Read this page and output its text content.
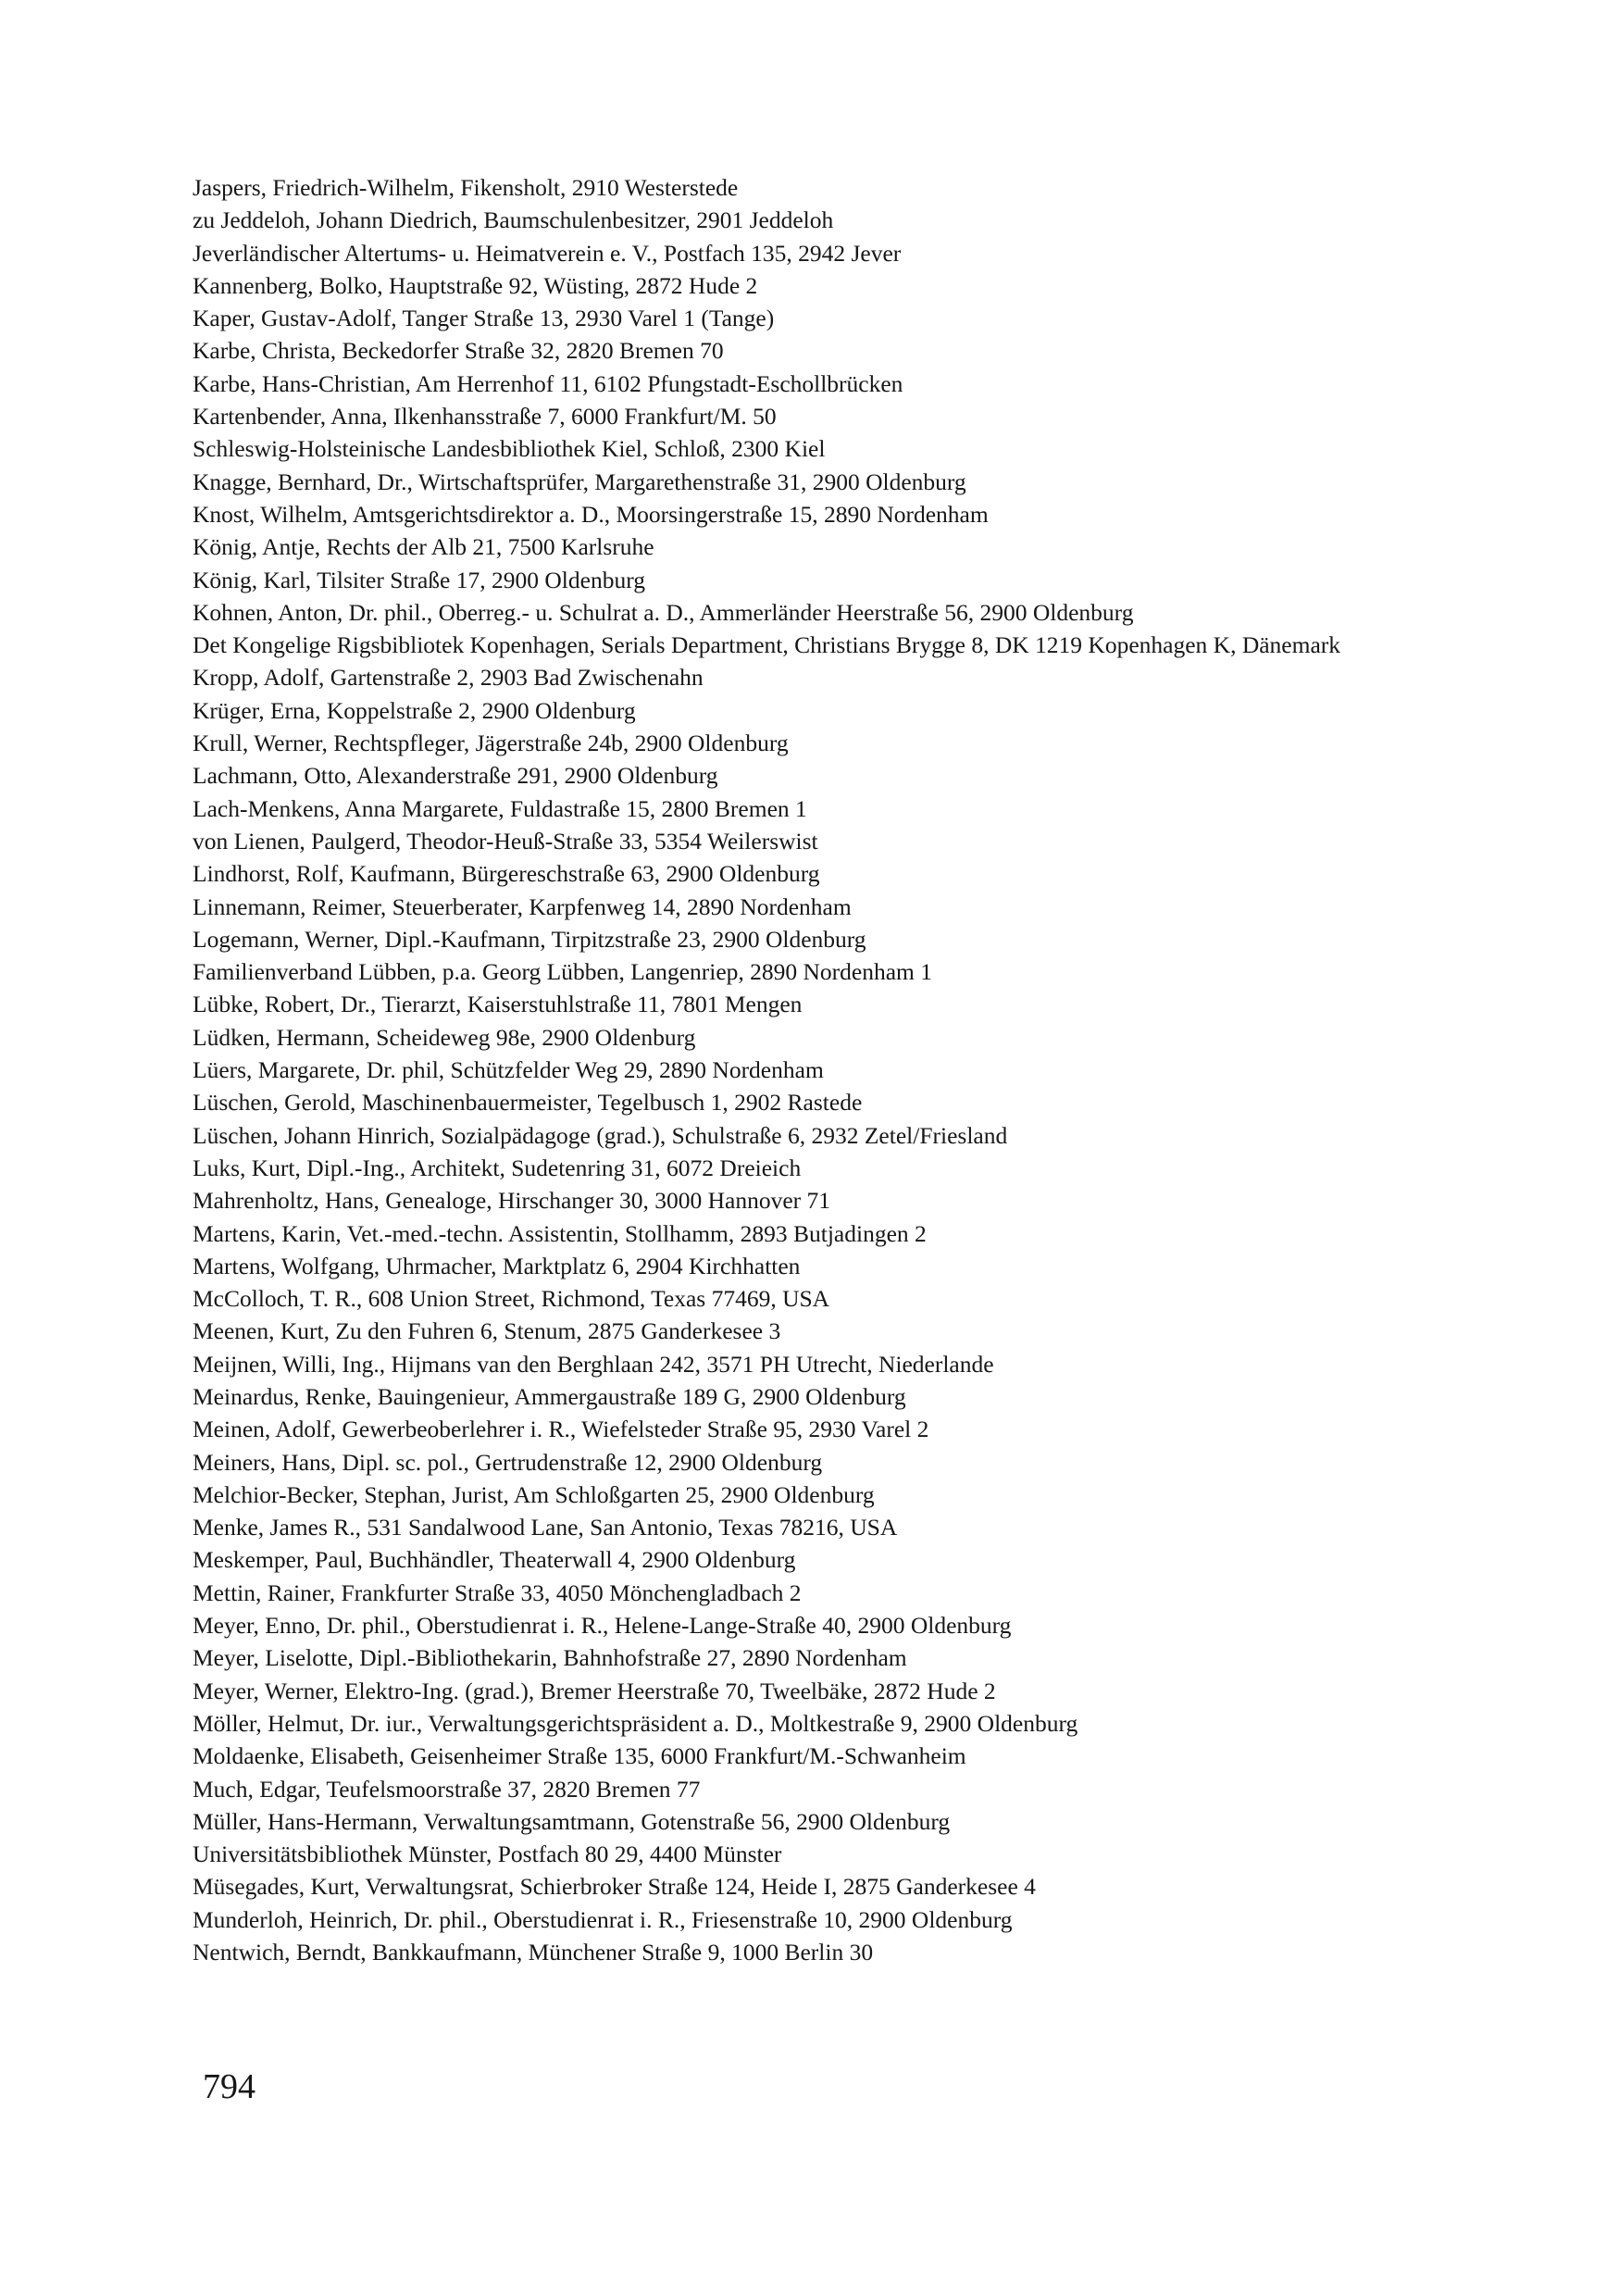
Jaspers, Friedrich-Wilhelm, Fikensholt, 2910 Westerstede
zu Jeddeloh, Johann Diedrich, Baumschulenbesitzer, 2901 Jeddeloh
Jeverländischer Altertums- u. Heimatverein e. V., Postfach 135, 2942 Jever
Kannenberg, Bolko, Hauptstraße 92, Wüsting, 2872 Hude 2
Kaper, Gustav-Adolf, Tanger Straße 13, 2930 Varel 1 (Tange)
Karbe, Christa, Beckedorfer Straße 32, 2820 Bremen 70
Karbe, Hans-Christian, Am Herrenhof 11, 6102 Pfungstadt-Eschollbrücken
Kartenbender, Anna, Ilkenhansstraße 7, 6000 Frankfurt/M. 50
Schleswig-Holsteinische Landesbibliothek Kiel, Schloß, 2300 Kiel
Knagge, Bernhard, Dr., Wirtschaftsprüfer, Margarethenstraße 31, 2900 Oldenburg
Knost, Wilhelm, Amtsgerichtsdirektor a. D., Moorsingerstraße 15, 2890 Nordenham
König, Antje, Rechts der Alb 21, 7500 Karlsruhe
König, Karl, Tilsiter Straße 17, 2900 Oldenburg
Kohnen, Anton, Dr. phil., Oberreg.- u. Schulrat a. D., Ammerländer Heerstraße 56, 2900 Oldenburg
Det Kongelige Rigsbibliotek Kopenhagen, Serials Department, Christians Brygge 8, DK 1219 Kopenhagen K, Dänemark
Kropp, Adolf, Gartenstraße 2, 2903 Bad Zwischenahn
Krüger, Erna, Koppelstraße 2, 2900 Oldenburg
Krull, Werner, Rechtspfleger, Jägerstraße 24b, 2900 Oldenburg
Lachmann, Otto, Alexanderstraße 291, 2900 Oldenburg
Lach-Menkens, Anna Margarete, Fuldastraße 15, 2800 Bremen 1
von Lienen, Paulgerd, Theodor-Heuß-Straße 33, 5354 Weilerswist
Lindhorst, Rolf, Kaufmann, Bürgereschstraße 63, 2900 Oldenburg
Linnemann, Reimer, Steuerberater, Karpfenweg 14, 2890 Nordenham
Logemann, Werner, Dipl.-Kaufmann, Tirpitzstraße 23, 2900 Oldenburg
Familienverband Lübben, p.a. Georg Lübben, Langenriep, 2890 Nordenham 1
Lübke, Robert, Dr., Tierarzt, Kaiserstuhlstraße 11, 7801 Mengen
Lüdken, Hermann, Scheideweg 98e, 2900 Oldenburg
Lüers, Margarete, Dr. phil, Schützfelder Weg 29, 2890 Nordenham
Lüschen, Gerold, Maschinenbauermeister, Tegelbusch 1, 2902 Rastede
Lüschen, Johann Hinrich, Sozialpädagoge (grad.), Schulstraße 6, 2932 Zetel/Friesland
Luks, Kurt, Dipl.-Ing., Architekt, Sudetenring 31, 6072 Dreieich
Mahrenholtz, Hans, Genealoge, Hirschanger 30, 3000 Hannover 71
Martens, Karin, Vet.-med.-techn. Assistentin, Stollhamm, 2893 Butjadingen 2
Martens, Wolfgang, Uhrmacher, Marktplatz 6, 2904 Kirchhatten
McColloch, T. R., 608 Union Street, Richmond, Texas 77469, USA
Meenen, Kurt, Zu den Fuhren 6, Stenum, 2875 Ganderkesee 3
Meijnen, Willi, Ing., Hijmans van den Berghlaan 242, 3571 PH Utrecht, Niederlande
Meinardus, Renke, Bauingenieur, Ammergaustraße 189 G, 2900 Oldenburg
Meinen, Adolf, Gewerbeoberlehrer i. R., Wiefelsteder Straße 95, 2930 Varel 2
Meiners, Hans, Dipl. sc. pol., Gertrudenstraße 12, 2900 Oldenburg
Melchior-Becker, Stephan, Jurist, Am Schloßgarten 25, 2900 Oldenburg
Menke, James R., 531 Sandalwood Lane, San Antonio, Texas 78216, USA
Meskemper, Paul, Buchhändler, Theaterwall 4, 2900 Oldenburg
Mettin, Rainer, Frankfurter Straße 33, 4050 Mönchengladbach 2
Meyer, Enno, Dr. phil., Oberstudienrat i. R., Helene-Lange-Straße 40, 2900 Oldenburg
Meyer, Liselotte, Dipl.-Bibliothekarin, Bahnhofstraße 27, 2890 Nordenham
Meyer, Werner, Elektro-Ing. (grad.), Bremer Heerstraße 70, Tweelbäke, 2872 Hude 2
Möller, Helmut, Dr. iur., Verwaltungsgerichtspräsident a. D., Moltkestraße 9, 2900 Oldenburg
Moldaenke, Elisabeth, Geisenheimer Straße 135, 6000 Frankfurt/M.-Schwanheim
Much, Edgar, Teufelsmoorstraße 37, 2820 Bremen 77
Müller, Hans-Hermann, Verwaltungsamtmann, Gotenstraße 56, 2900 Oldenburg
Universitätsbibliothek Münster, Postfach 80 29, 4400 Münster
Müsegades, Kurt, Verwaltungsrat, Schierbroker Straße 124, Heide I, 2875 Ganderkesee 4
Munderloh, Heinrich, Dr. phil., Oberstudienrat i. R., Friesenstraße 10, 2900 Oldenburg
Nentwich, Berndt, Bankkaufmann, Münchener Straße 9, 1000 Berlin 30
794
